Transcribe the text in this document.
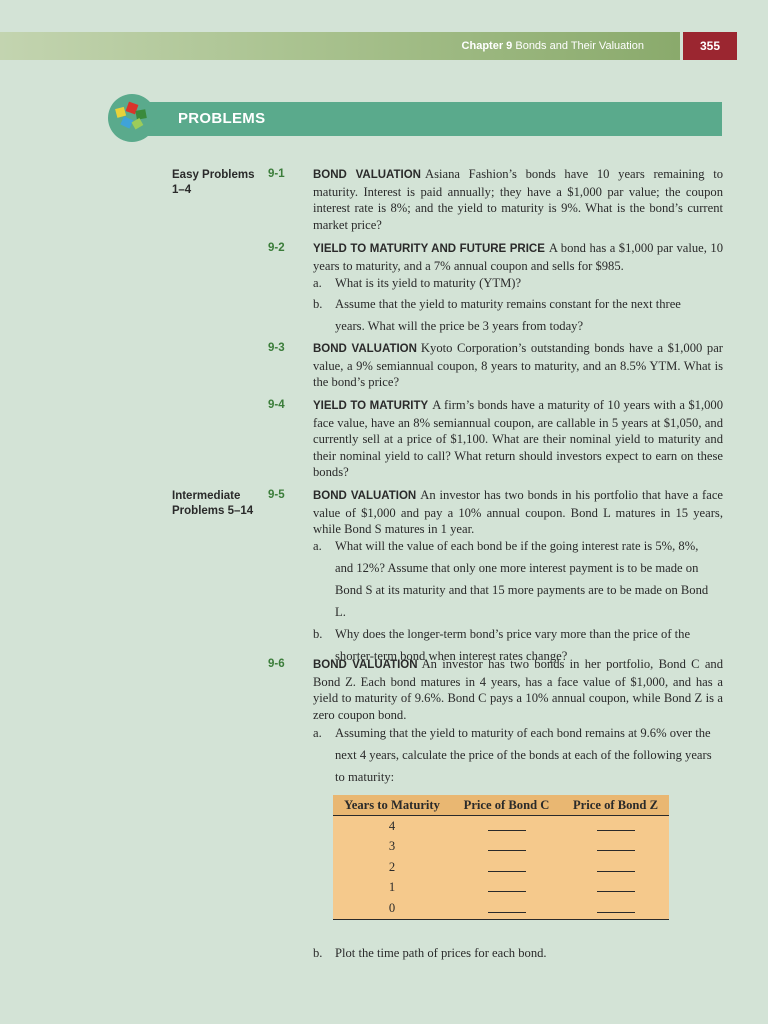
Chapter 9 Bonds and Their Valuation	355
PROBLEMS
Easy Problems
1–4
Intermediate
Problems 5–14
9-1 BOND VALUATION Asiana Fashion’s bonds have 10 years remaining to maturity. Interest is paid annually; they have a $1,000 par value; the coupon interest rate is 8%; and the yield to maturity is 9%. What is the bond’s current market price?
9-2 YIELD TO MATURITY AND FUTURE PRICE A bond has a $1,000 par value, 10 years to maturity, and a 7% annual coupon and sells for $985.
a.	What is its yield to maturity (YTM)?
b. Assume that the yield to maturity remains constant for the next three years. What will the price be 3 years from today?
9-3 BOND VALUATION Kyoto Corporation’s outstanding bonds have a $1,000 par value, a 9% semiannual coupon, 8 years to maturity, and an 8.5% YTM. What is the bond’s price?
9-4 YIELD TO MATURITY A firm’s bonds have a maturity of 10 years with a $1,000 face value, have an 8% semiannual coupon, are callable in 5 years at $1,050, and currently sell at a price of $1,100. What are their nominal yield to maturity and their nominal yield to call? What return should investors expect to earn on these bonds?
9-5 BOND VALUATION An investor has two bonds in his portfolio that have a face value of $1,000 and pay a 10% annual coupon. Bond L matures in 15 years, while Bond S matures in 1 year.
a.	What will the value of each bond be if the going interest rate is 5%, 8%, and 12%? Assume that only one more interest payment is to be made on Bond S at its maturity and that 15 more payments are to be made on Bond L.
b. Why does the longer-term bond’s price vary more than the price of the shorter-term bond when interest rates change?
9-6 BOND VALUATION An investor has two bonds in her portfolio, Bond C and Bond Z. Each bond matures in 4 years, has a face value of $1,000, and has a yield to maturity of 9.6%. Bond C pays a 10% annual coupon, while Bond Z is a zero coupon bond.
a.	Assuming that the yield to maturity of each bond remains at 9.6% over the next 4 years, calculate the price of the bonds at each of the following years to maturity:
Years to Maturity	Price of Bond C	Price of Bond Z
4
3
2
1
0
b. Plot the time path of prices for each bond.
